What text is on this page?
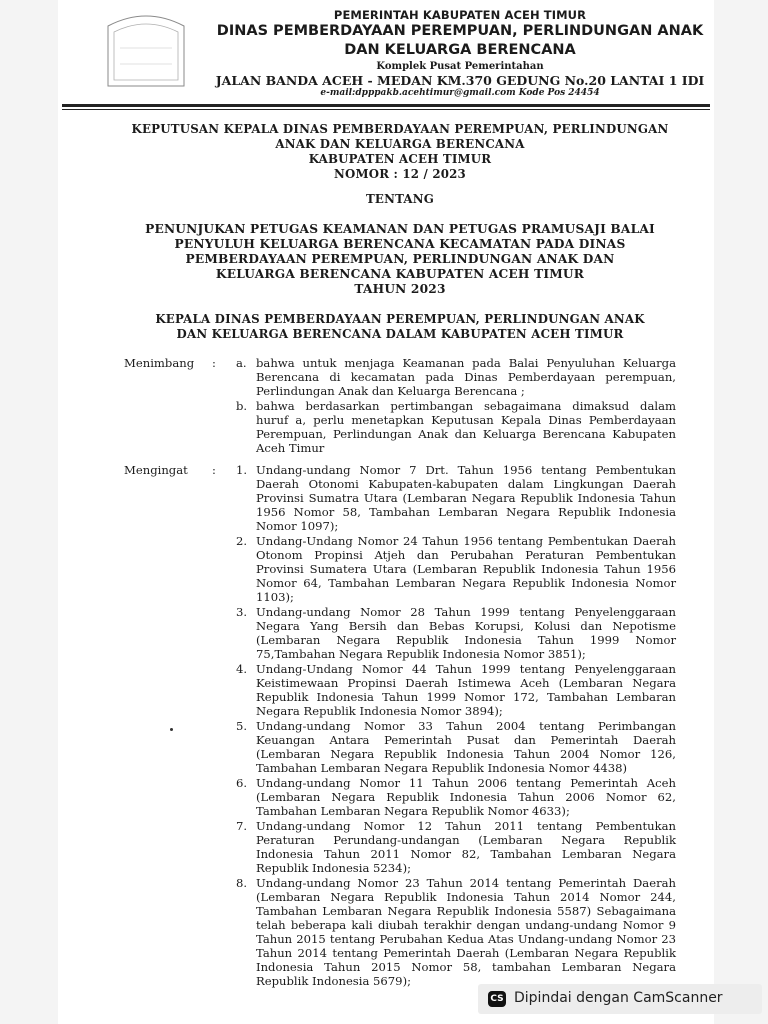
PEMERINTAH KABUPATEN ACEH TIMUR
DINAS PEMBERDAYAAN PEREMPUAN, PERLINDUNGAN ANAK
DAN KELUARGA BERENCANA
Komplek Pusat Pemerintahan
JALAN BANDA ACEH - MEDAN KM.370 GEDUNG No.20 LANTAI 1 IDI
e-mail:dpppakb.acehtimur@gmail.com Kode Pos 24454
KEPUTUSAN KEPALA DINAS PEMBERDAYAAN PEREMPUAN, PERLINDUNGAN
ANAK DAN KELUARGA BERENCANA
KABUPATEN ACEH TIMUR
NOMOR : 12 / 2023
TENTANG
PENUNJUKAN PETUGAS KEAMANAN DAN PETUGAS PRAMUSAJI BALAI
PENYULUH KELUARGA BERENCANA KECAMATAN PADA DINAS
PEMBERDAYAAN PEREMPUAN, PERLINDUNGAN ANAK DAN
KELUARGA BERENCANA KABUPATEN ACEH TIMUR
TAHUN 2023
KEPALA DINAS PEMBERDAYAAN PEREMPUAN, PERLINDUNGAN ANAK
DAN KELUARGA BERENCANA DALAM KABUPATEN ACEH TIMUR
Menimbang	: a. bahwa untuk menjaga Keamanan pada Balai Penyuluhan Keluarga Berencana di kecamatan pada Dinas Pemberdayaan perempuan, Perlindungan Anak dan Keluarga Berencana ;
b. bahwa berdasarkan pertimbangan sebagaimana dimaksud dalam huruf a, perlu menetapkan Keputusan Kepala Dinas Pemberdayaan Perempuan, Perlindungan Anak dan Keluarga Berencana Kabupaten Aceh Timur
Mengingat	: 1. Undang-undang Nomor 7 Drt. Tahun 1956 tentang Pembentukan Daerah Otonomi Kabupaten-kabupaten dalam Lingkungan Daerah Provinsi Sumatra Utara (Lembaran Negara Republik Indonesia Tahun 1956 Nomor 58, Tambahan Lembaran Negara Republik Indonesia Nomor 1097);
2. Undang-Undang Nomor 24 Tahun 1956 tentang Pembentukan Daerah Otonom Propinsi Atjeh dan Perubahan Peraturan Pembentukan Provinsi Sumatera Utara (Lembaran Republik Indonesia Tahun 1956 Nomor 64, Tambahan Lembaran Negara Republik Indonesia Nomor 1103);
3. Undang-undang Nomor 28 Tahun 1999 tentang Penyelenggaraan Negara Yang Bersih dan Bebas Korupsi, Kolusi dan Nepotisme (Lembaran Negara Republik Indonesia Tahun 1999 Nomor 75,Tambahan Negara Republik Indonesia Nomor 3851);
4. Undang-Undang Nomor 44 Tahun 1999 tentang Penyelenggaraan Keistimewaan Propinsi Daerah Istimewa Aceh (Lembaran Negara Republik Indonesia Tahun 1999 Nomor 172, Tambahan Lembaran Negara Republik Indonesia Nomor 3894);
5. Undang-undang Nomor 33 Tahun 2004 tentang Perimbangan Keuangan Antara Pemerintah Pusat dan Pemerintah Daerah (Lembaran Negara Republik Indonesia Tahun 2004 Nomor 126, Tambahan Lembaran Negara Republik Indonesia Nomor 4438)
6. Undang-undang Nomor 11 Tahun 2006 tentang Pemerintah Aceh (Lembaran Negara Republik Indonesia Tahun 2006 Nomor 62, Tambahan Lembaran Negara Republik Nomor 4633);
7. Undang-undang Nomor 12 Tahun 2011 tentang Pembentukan Peraturan Perundang-undangan (Lembaran Negara Republik Indonesia Tahun 2011 Nomor 82, Tambahan Lembaran Negara Republik Indonesia 5234);
8. Undang-undang Nomor 23 Tahun 2014 tentang Pemerintah Daerah (Lembaran Negara Republik Indonesia Tahun 2014 Nomor 244, Tambahan Lembaran Negara Republik Indonesia 5587) Sebagaimana telah beberapa kali diubah terakhir dengan undang-undang Nomor 9 Tahun 2015 tentang Perubahan Kedua Atas Undang-undang Nomor 23 Tahun 2014 tentang Pemerintah Daerah (Lembaran Negara Republik Indonesia Tahun 2015 Nomor 58, tambahan Lembaran Negara Republik Indonesia 5679);
CS Dipindai dengan CamScanner
